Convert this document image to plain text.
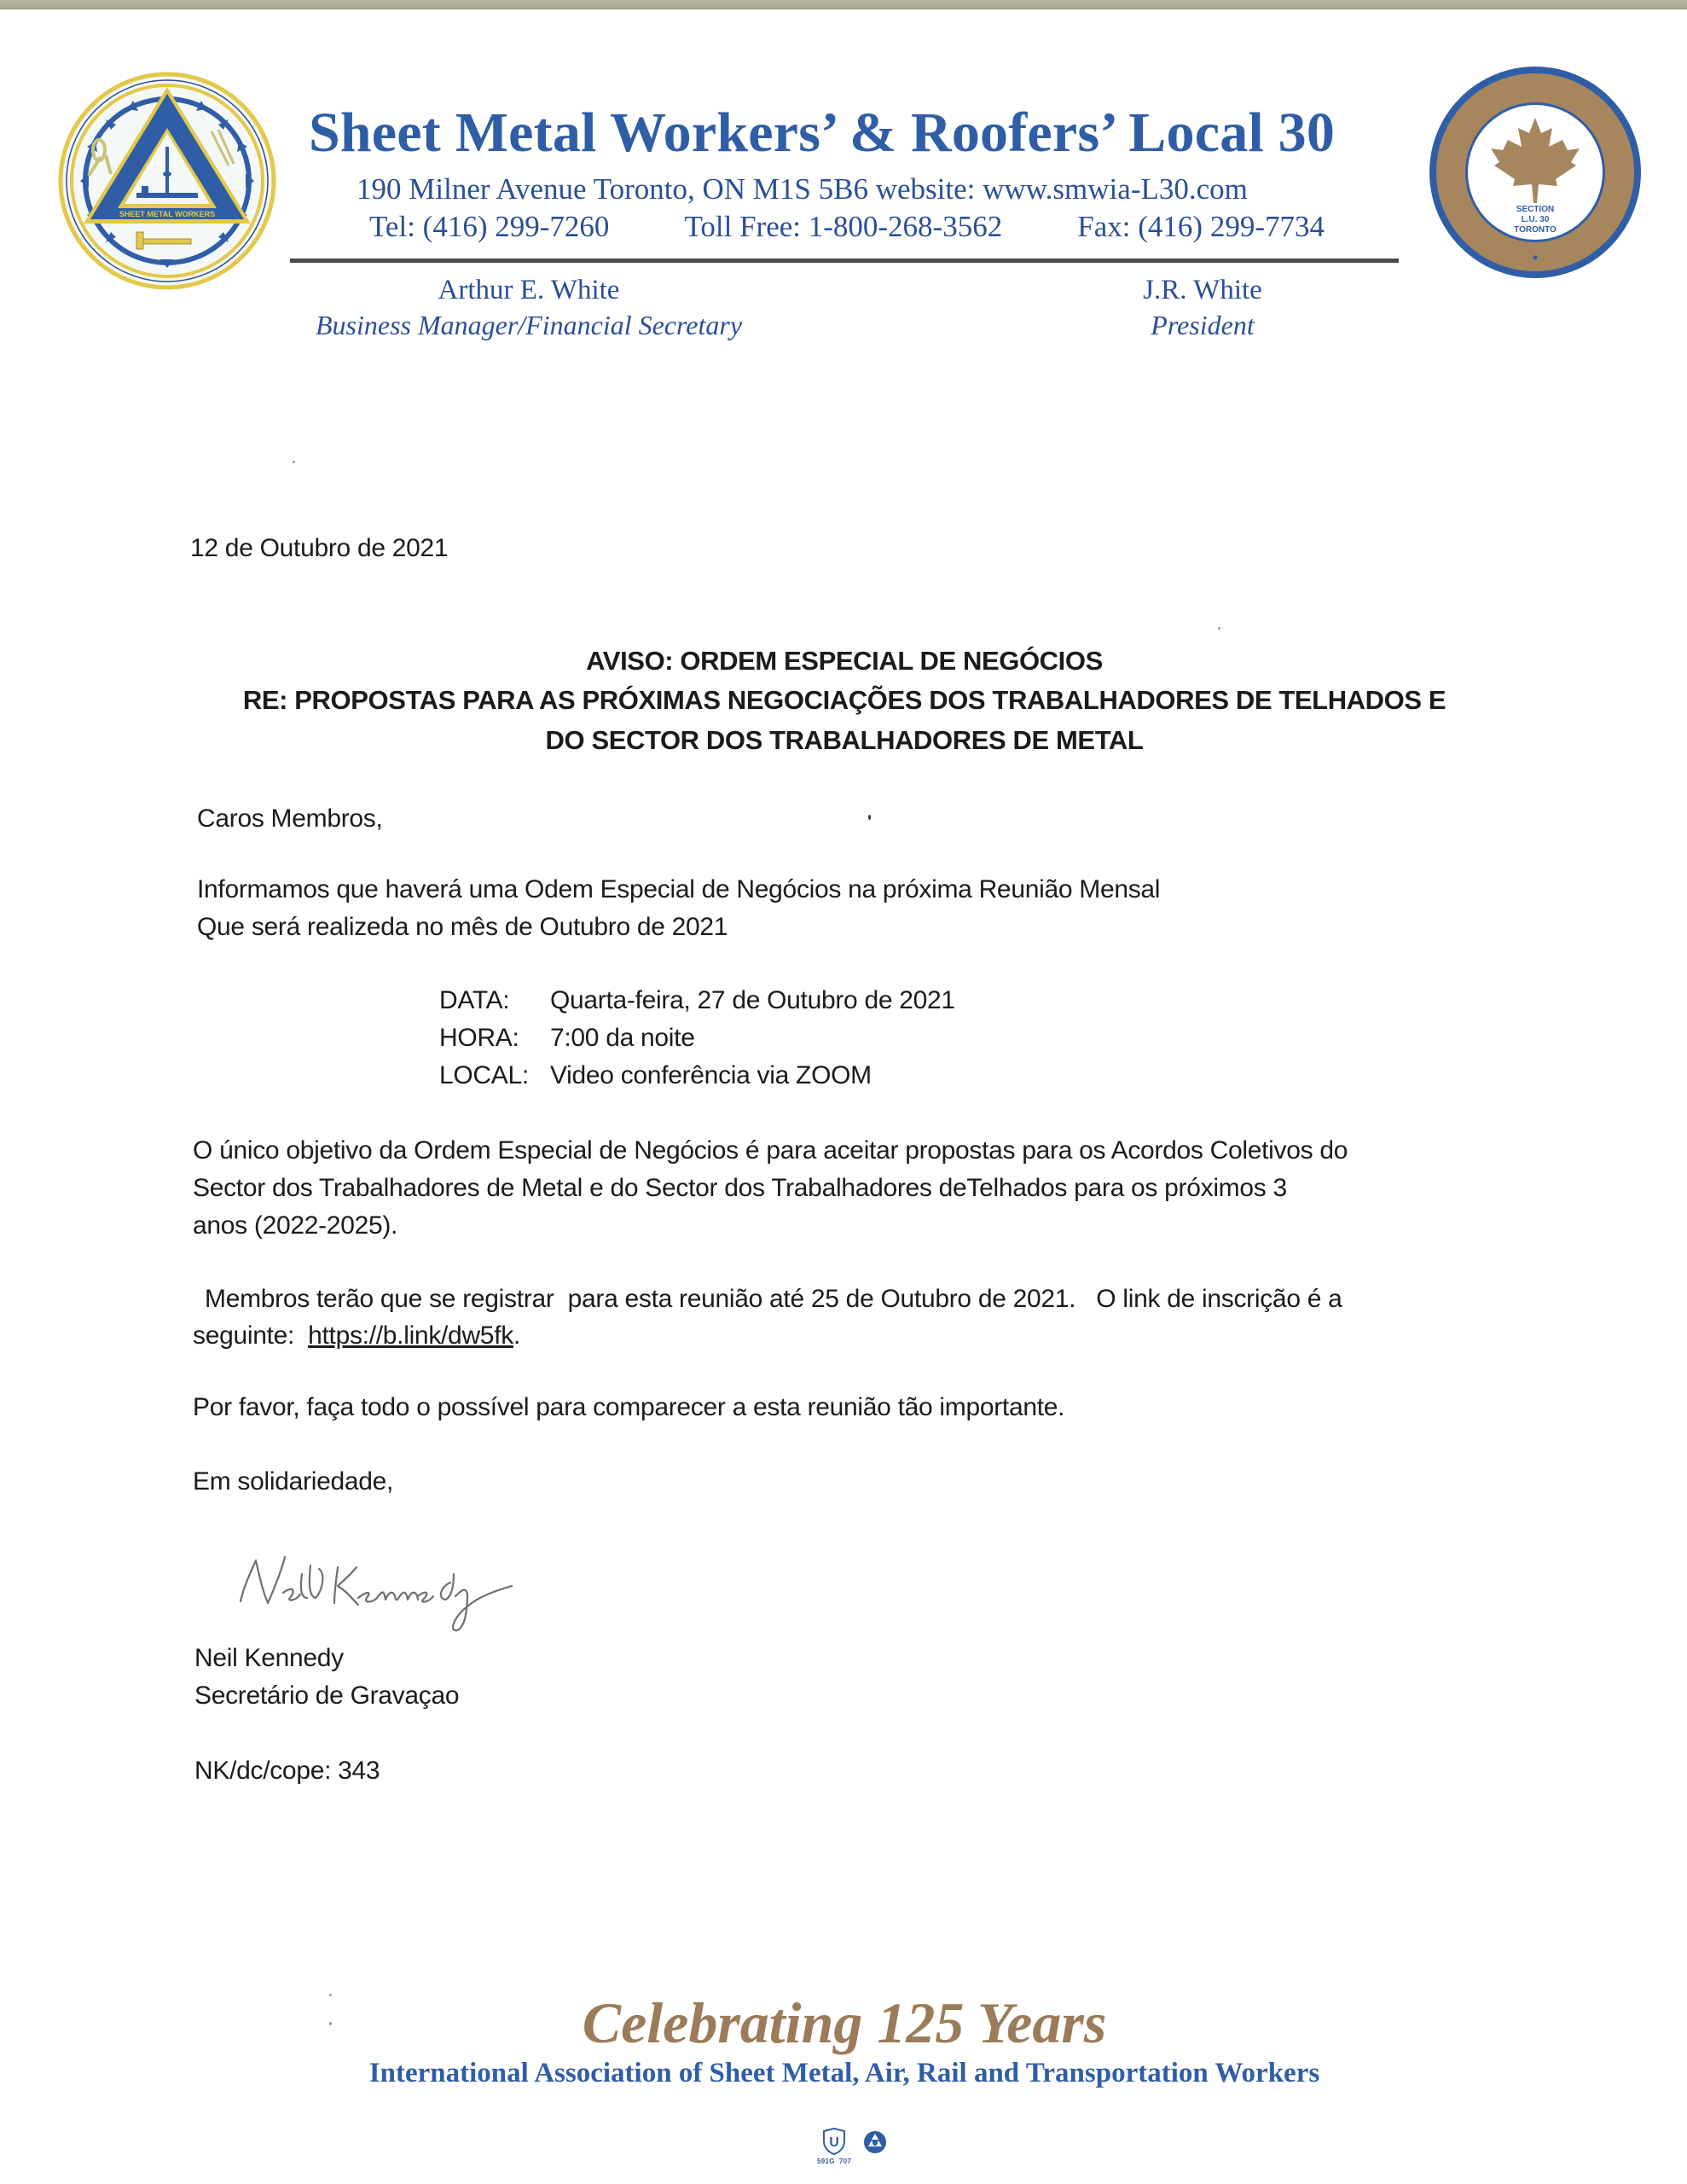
SHEET METAL WORKERS
Sheet Metal Workers’ & Roofers’ Local 30
190 Milner Avenue Toronto, ON M1S 5B6 website: www.smwia-L30.com
Tel: (416) 299-7260	Toll Free: 1-800-268-3562	Fax: (416) 299-7734
Arthur E. White
Business Manager/Financial Secretary
J.R. White
President
SECTION
L.U. 30
TORONTO
12 de Outubro de 2021
AVISO: ORDEM ESPECIAL DE NEGÓCIOS
RE: PROPOSTAS PARA AS PRÓXIMAS NEGOCIAÇÕES DOS TRABALHADORES DE TELHADOS E
DO SECTOR DOS TRABALHADORES DE METAL
Caros Membros,
Informamos que haverá uma Odem Especial de Negócios na próxima Reunião Mensal
Que será realizeda no mês de Outubro de 2021
DATA: Quarta-feira, 27 de Outubro de 2021
HORA: 7:00 da noite
LOCAL: Video conferência via ZOOM
O único objetivo da Ordem Especial de Negócios é para aceitar propostas para os Acordos Coletivos do
Sector dos Trabalhadores de Metal e do Sector dos Trabalhadores deTelhados para os próximos 3
anos (2022-2025).
Membros terão que se registrar  para esta reunião até 25 de Outubro de 2021.   O link de inscrição é a
seguinte:  https://b.link/dw5fk.
Por favor, faça todo o possível para comparecer a esta reunião tão importante.
Em solidariedade,
Neil Kennedy
Secretário de Gravaçao
NK/dc/cope: 343
Celebrating 125 Years
International Association of Sheet Metal, Air, Rail and Transportation Workers
U
591G  707
